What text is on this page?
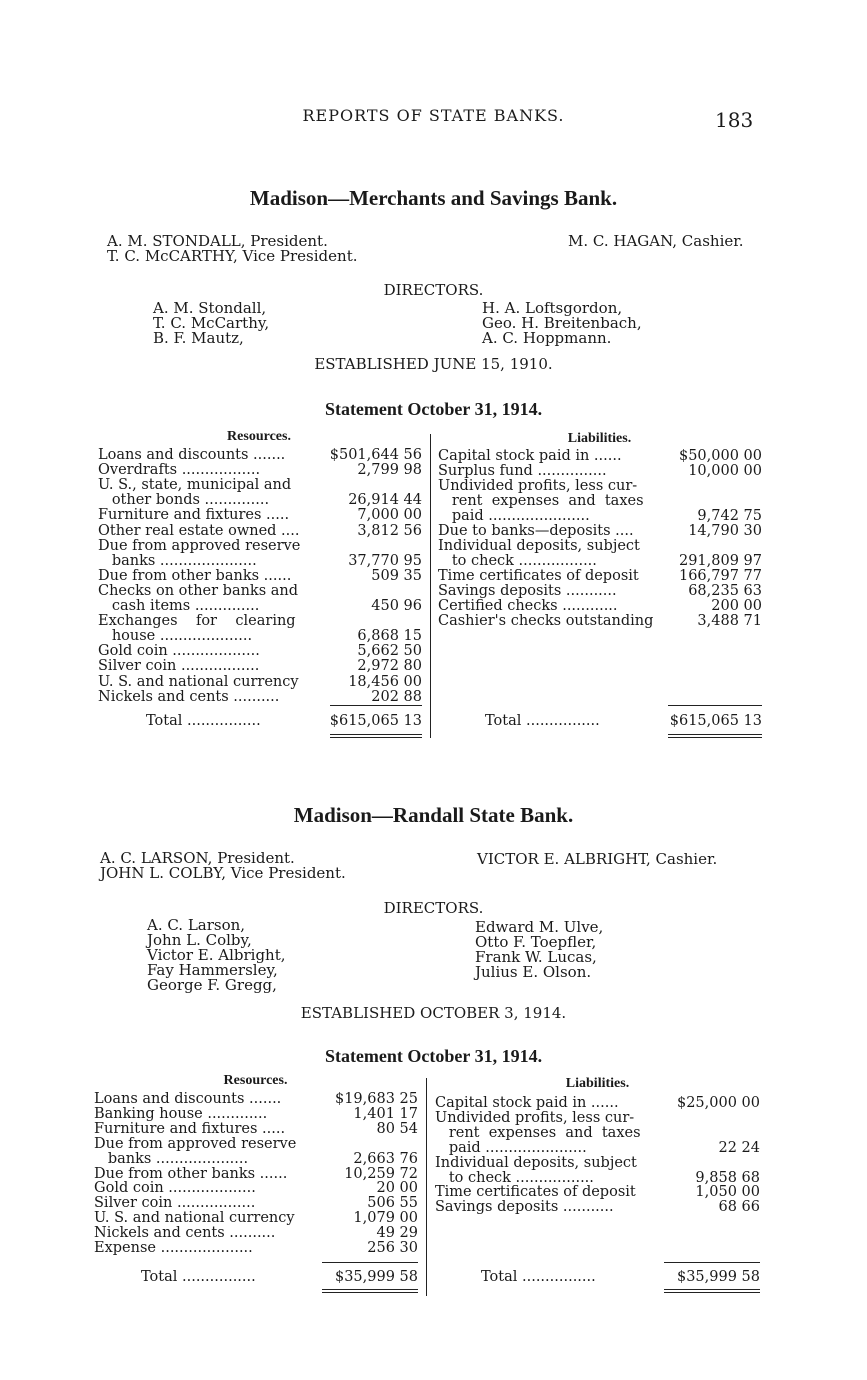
REPORTS OF STATE BANKS.	183
Madison—Merchants and Savings Bank.
A. M. STONDALL, President.
T. C. McCARTHY, Vice President.
M. C. HAGAN, Cashier.
DIRECTORS.
A. M. Stondall,
T. C. McCarthy,
B. F. Mautz,
H. A. Loftsgordon,
Geo. H. Breitenbach,
A. C. Hoppmann.
ESTABLISHED JUNE 15, 1910.
Statement October 31, 1914.
Resources.	Liabilities.
Loans and discounts .......	$501,644 56
Overdrafts .................	2,799 98
U. S., state, municipal and
other bonds ..............	26,914 44
Furniture and fixtures .....	7,000 00
Other real estate owned ....	3,812 56
Due from approved reserve
banks .....................	37,770 95
Due from other banks ......	509 35
Checks on other banks and
cash items ..............	450 96
Exchanges    for    clearing
house ....................	6,868 15
Gold coin ...................	5,662 50
Silver coin .................	2,972 80
U. S. and national currency	18,456 00
Nickels and cents ..........	202 88
Capital stock paid in ......	$50,000 00
Surplus fund ...............	10,000 00
Undivided profits, less cur-
rent  expenses  and  taxes
paid ......................	9,742 75
Due to banks—deposits ....	14,790 30
Individual deposits, subject
to check .................	291,809 97
Time certificates of deposit	166,797 77
Savings deposits ...........	68,235 63
Certified checks ............	200 00
Cashier's checks outstanding	3,488 71
Total ................	$615,065 13	Total ................	$615,065 13
Madison—Randall State Bank.
A. C. LARSON, President.
JOHN L. COLBY, Vice President.
VICTOR E. ALBRIGHT, Cashier.
DIRECTORS.
A. C. Larson,
John L. Colby,
Victor E. Albright,
Fay Hammersley,
George F. Gregg,
Edward M. Ulve,
Otto F. Toepfler,
Frank W. Lucas,
Julius E. Olson.
ESTABLISHED OCTOBER 3, 1914.
Statement October 31, 1914.
Resources.	Liabilities.
Loans and discounts .......	$19,683 25
Banking house .............	1,401 17
Furniture and fixtures .....	80 54
Due from approved reserve
banks ....................	2,663 76
Due from other banks ......	10,259 72
Gold coin ...................	20 00
Silver coin .................	506 55
U. S. and national currency	1,079 00
Nickels and cents ..........	49 29
Expense ....................	256 30
Capital stock paid in ......	$25,000 00
Undivided profits, less cur-
rent  expenses  and  taxes
paid ......................	22 24
Individual deposits, subject
to check .................	9,858 68
Time certificates of deposit	1,050 00
Savings deposits ...........	68 66
Total ................	$35,999 58	Total ................	$35,999 58
